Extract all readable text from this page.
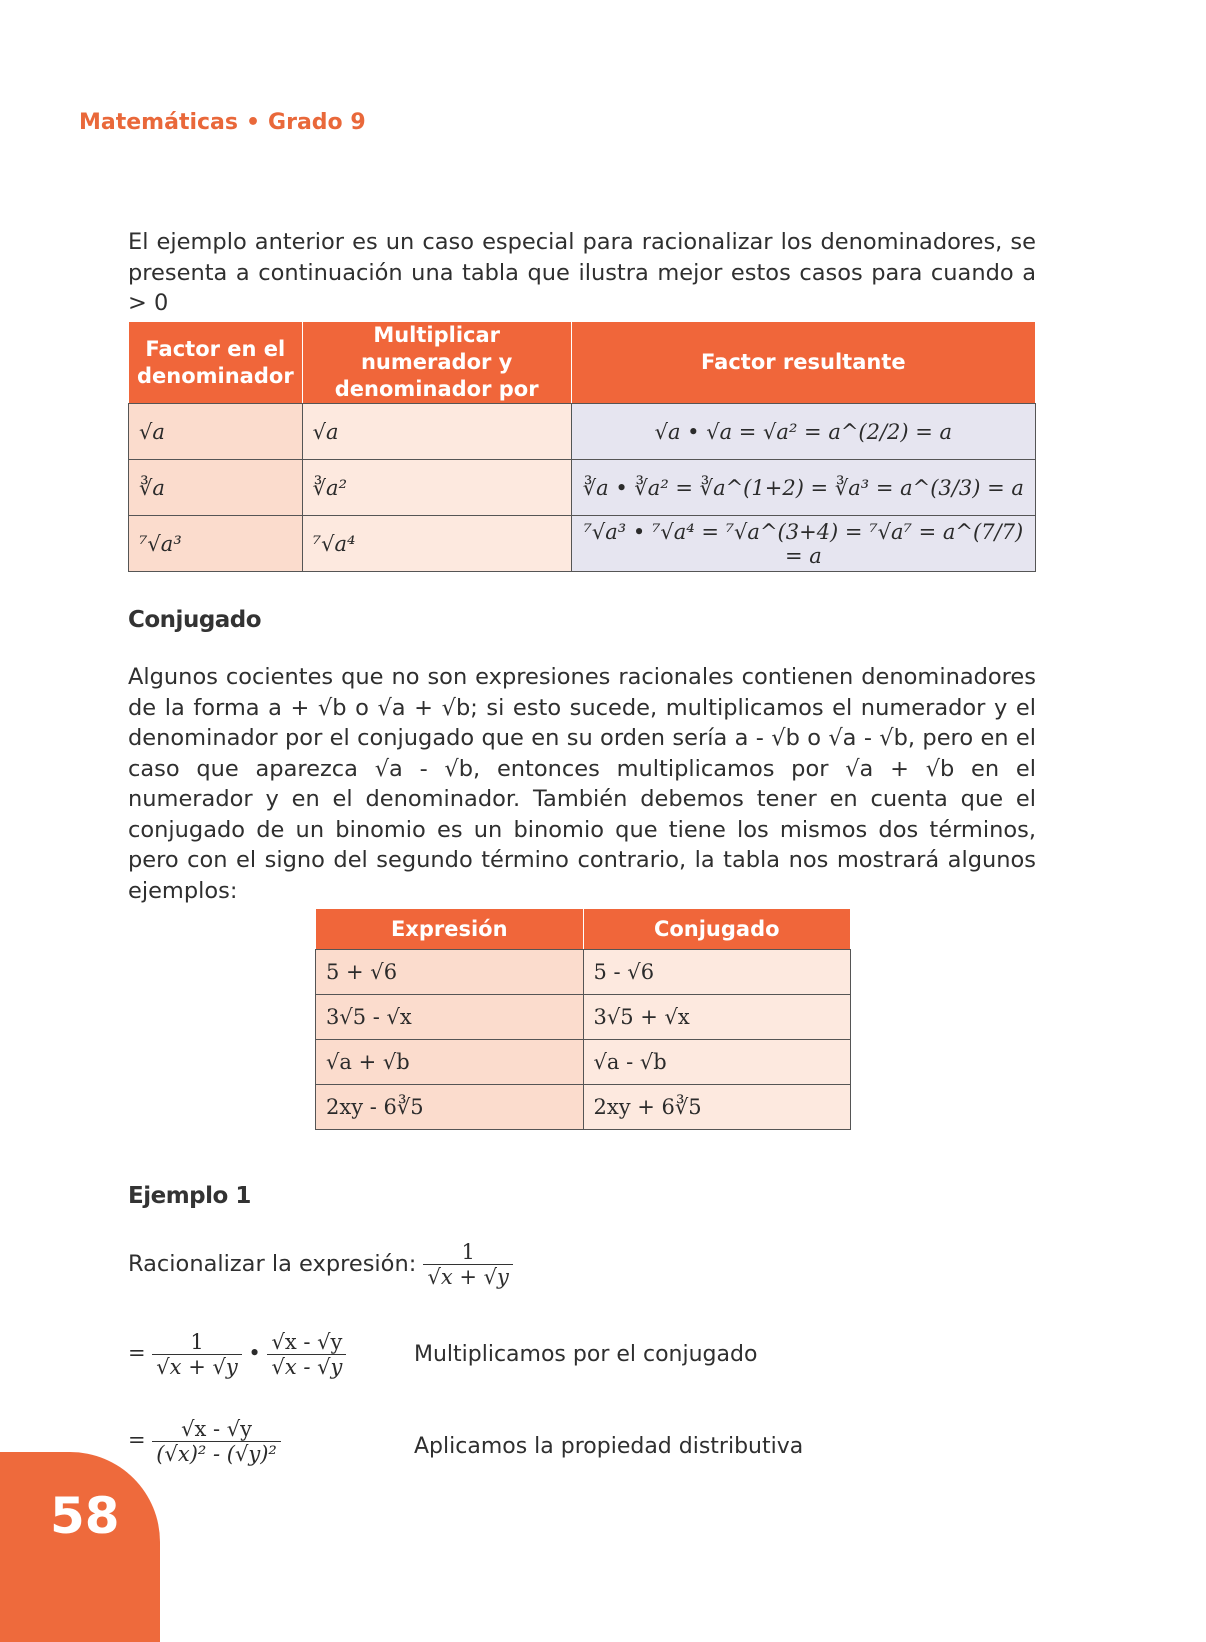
Matemáticas • Grado 9

El ejemplo anterior es un caso especial para racionalizar los denominadores, se presenta a continuación una tabla que ilustra mejor estos casos para cuando a > 0

Factor en el denominador	Multiplicar numerador y denominador por	Factor resultante
√a	√a	√a • √a = √a² = a^(2/2) = a
∛a	∛a²	∛a • ∛a² = ∛a^(1+2) = ∛a³ = a^(3/3) = a
⁷√a³	⁷√a⁴	⁷√a³ • ⁷√a⁴ = ⁷√a^(3+4) = ⁷√a⁷ = a^(7/7) = a
Conjugado

Algunos cocientes que no son expresiones racionales contienen denominadores de la forma a + √b o √a + √b; si esto sucede, multiplicamos el numerador y el denominador por el conjugado que en su orden sería a - √b o √a - √b, pero en el caso que aparezca √a - √b, entonces multiplicamos por √a + √b en el numerador y en el denominador. También debemos tener en cuenta que el conjugado de un binomio es un binomio que tiene los mismos dos términos, pero con el signo del segundo término contrario, la tabla nos mostrará algunos ejemplos:

Expresión	Conjugado
5 + √6	5 - √6
3√5 - √x	3√5 + √x
√a + √b	√a - √b
2xy - 6∛5	2xy + 6∛5
Ejemplo 1
Racionalizar la expresión: $\frac{1}{√x + √y}$
= $\frac{1}{√x + √y}$ • $\frac{√x - √y}{√x - √y}$	Multiplicamos por el conjugado
= $\frac{√x - √y}{\text{(√x)² - (√y)²}}$	Aplicamos la propiedad distributiva
58
